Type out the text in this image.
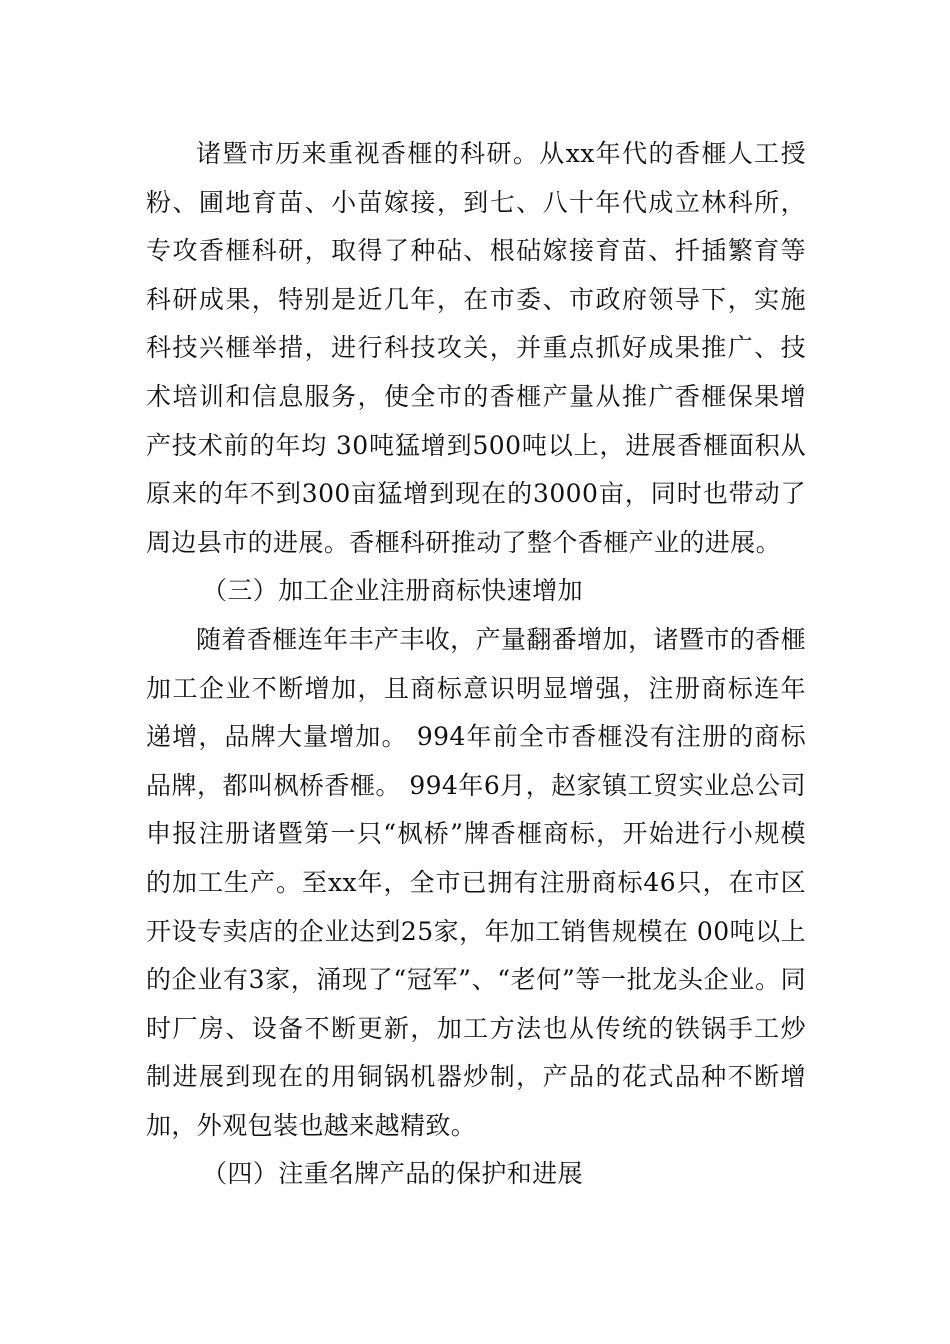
诸暨市历来重视香榧的科研。从xx年代的香榧人工授粉、圃地育苗、小苗嫁接，到七、八十年代成立林科所，专攻香榧科研，取得了种砧、根砧嫁接育苗、扦插繁育等科研成果，特别是近几年，在市委、市政府领导下，实施科技兴榧举措，进行科技攻关，并重点抓好成果推广、技术培训和信息服务，使全市的香榧产量从推广香榧保果增产技术前的年均 30吨猛增到500吨以上，进展香榧面积从原来的年不到300亩猛增到现在的3000亩，同时也带动了周边县市的进展。香榧科研推动了整个香榧产业的进展。

（三）加工企业注册商标快速增加

随着香榧连年丰产丰收，产量翻番增加，诸暨市的香榧加工企业不断增加，且商标意识明显增强，注册商标连年递增，品牌大量增加。 994年前全市香榧没有注册的商标品牌，都叫枫桥香榧。 994年6月，赵家镇工贸实业总公司申报注册诸暨第一只“枫桥”牌香榧商标，开始进行小规模的加工生产。至xx年，全市已拥有注册商标46只，在市区开设专卖店的企业达到25家，年加工销售规模在 00吨以上的企业有3家，涌现了“冠军”、“老何”等一批龙头企业。同时厂房、设备不断更新，加工方法也从传统的铁锅手工炒制进展到现在的用铜锅机器炒制，产品的花式品种不断增加，外观包装也越来越精致。

（四）注重名牌产品的保护和进展
